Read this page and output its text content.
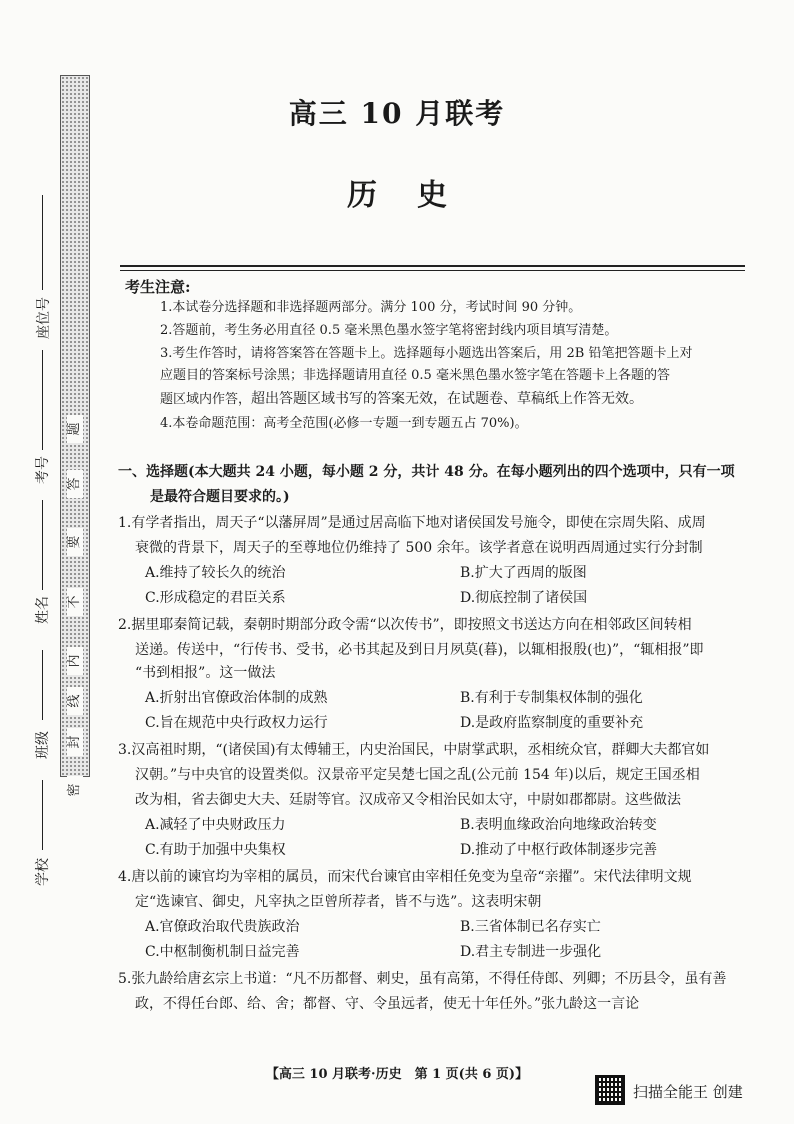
题
答
要
不
内
线
封
密
座位号
考号
姓名
班级
学校
高三 10 月联考
历史
考生注意:
1.本试卷分选择题和非选择题两部分。满分 100 分，考试时间 90 分钟。
2.答题前，考生务必用直径 0.5 毫米黑色墨水签字笔将密封线内项目填写清楚。
3.考生作答时，请将答案答在答题卡上。选择题每小题选出答案后，用 2B 铅笔把答题卡上对
应题目的答案标号涂黑；非选择题请用直径 0.5 毫米黑色墨水签字笔在答题卡上各题的答
题区域内作答，超出答题区域书写的答案无效，在试题卷、草稿纸上作答无效。
4.本卷命题范围：高考全范围(必修一专题一到专题五占 70%)。
一、选择题(本大题共 24 小题，每小题 2 分，共计 48 分。在每小题列出的四个选项中，只有一项
是最符合题目要求的。)
1.有学者指出，周天子“以藩屏周”是通过居高临下地对诸侯国发号施令，即使在宗周失陷、成周
衰微的背景下，周天子的至尊地位仍维持了 500 余年。该学者意在说明西周通过实行分封制
A.维持了较长久的统治	B.扩大了西周的版图
C.形成稳定的君臣关系	D.彻底控制了诸侯国
2.据里耶秦简记载，秦朝时期部分政令需“以次传书”，即按照文书送达方向在相邻政区间转相
送递。传送中，“行传书、受书，必书其起及到日月夙莫(暮)，以辄相报殷(也)”，“辄相报”即
“书到相报”。这一做法
A.折射出官僚政治体制的成熟	B.有利于专制集权体制的强化
C.旨在规范中央行政权力运行	D.是政府监察制度的重要补充
3.汉高祖时期，“(诸侯国)有太傅辅王，内史治国民，中尉掌武职，丞相统众官，群卿大夫都官如
汉朝。”与中央官的设置类似。汉景帝平定吴楚七国之乱(公元前 154 年)以后，规定王国丞相
改为相，省去御史大夫、廷尉等官。汉成帝又令相治民如太守，中尉如郡都尉。这些做法
A.减轻了中央财政压力	B.表明血缘政治向地缘政治转变
C.有助于加强中央集权	D.推动了中枢行政体制逐步完善
4.唐以前的谏官均为宰相的属员，而宋代台谏官由宰相任免变为皇帝“亲擢”。宋代法律明文规
定“选谏官、御史，凡宰执之臣曾所荐者，皆不与选”。这表明宋朝
A.官僚政治取代贵族政治	B.三省体制已名存实亡
C.中枢制衡机制日益完善	D.君主专制进一步强化
5.张九龄给唐玄宗上书道：“凡不历都督、刺史，虽有高第，不得任侍郎、列卿；不历县令，虽有善
政，不得任台郎、给、舍；都督、守、令虽远者，使无十年任外。”张九龄这一言论
【高三 10 月联考·历史　第 1 页(共 6 页)】
扫描全能王 创建
